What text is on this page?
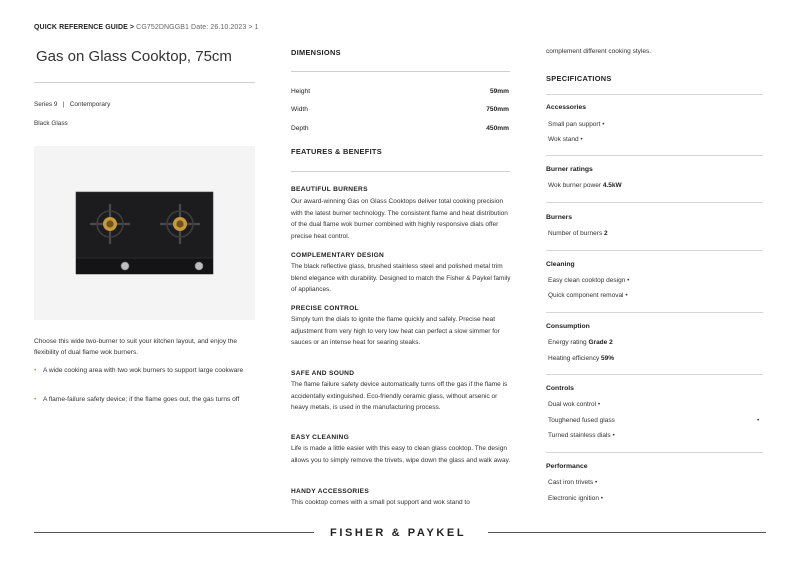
QUICK REFERENCE GUIDE > CG752DNGGB1 Date: 26.10.2023 > 1
Gas on Glass Cooktop, 75cm
Series 9 | Contemporary
Black Glass
Choose this wide two-burner to suit your kitchen layout, and enjoy the flexibility of dual flame wok burners.
•	A wide cooking area with two wok burners to support large cookware
•	A flame-failure safety device; if the flame goes out, the gas turns off
DIMENSIONS
Height	59mm
Width	750mm
Depth	450mm
FEATURES & BENEFITS
BEAUTIFUL BURNERS
Our award-winning Gas on Glass Cooktops deliver total cooking precision with the latest burner technology. The consistent flame and heat distribution of the dual flame wok burner combined with highly responsive dials offer precise heat control.
COMPLEMENTARY DESIGN
The black reflective glass, brushed stainless steel and polished metal trim blend elegance with durability. Designed to match the Fisher & Paykel family of appliances.
PRECISE CONTROL
Simply turn the dials to ignite the flame quickly and safely. Precise heat adjustment from very high to very low heat can perfect a slow simmer for sauces or an intense heat for searing steaks.
SAFE AND SOUND
The flame failure safety device automatically turns off the gas if the flame is accidentally extinguished. Eco-friendly ceramic glass, without arsenic or heavy metals, is used in the manufacturing process.
EASY CLEANING
Life is made a little easier with this easy to clean glass cooktop. The design allows you to simply remove the trivets, wipe down the glass and walk away.
HANDY ACCESSORIES
This cooktop comes with a small pot support and wok stand to
complement different cooking styles.
SPECIFICATIONS
Accessories
Small pan support •
Wok stand •
Burner ratings
Wok burner power 4.5kW
Burners
Number of burners 2
Cleaning
Easy clean cooktop design •
Quick component removal •
Consumption
Energy rating Grade 2
Heating efficiency 59%
Controls
Dual wok control •
Toughened fused glass	•
Turned stainless dials •
Performance
Cast iron trivets •
Electronic ignition •
FISHER & PAYKEL
